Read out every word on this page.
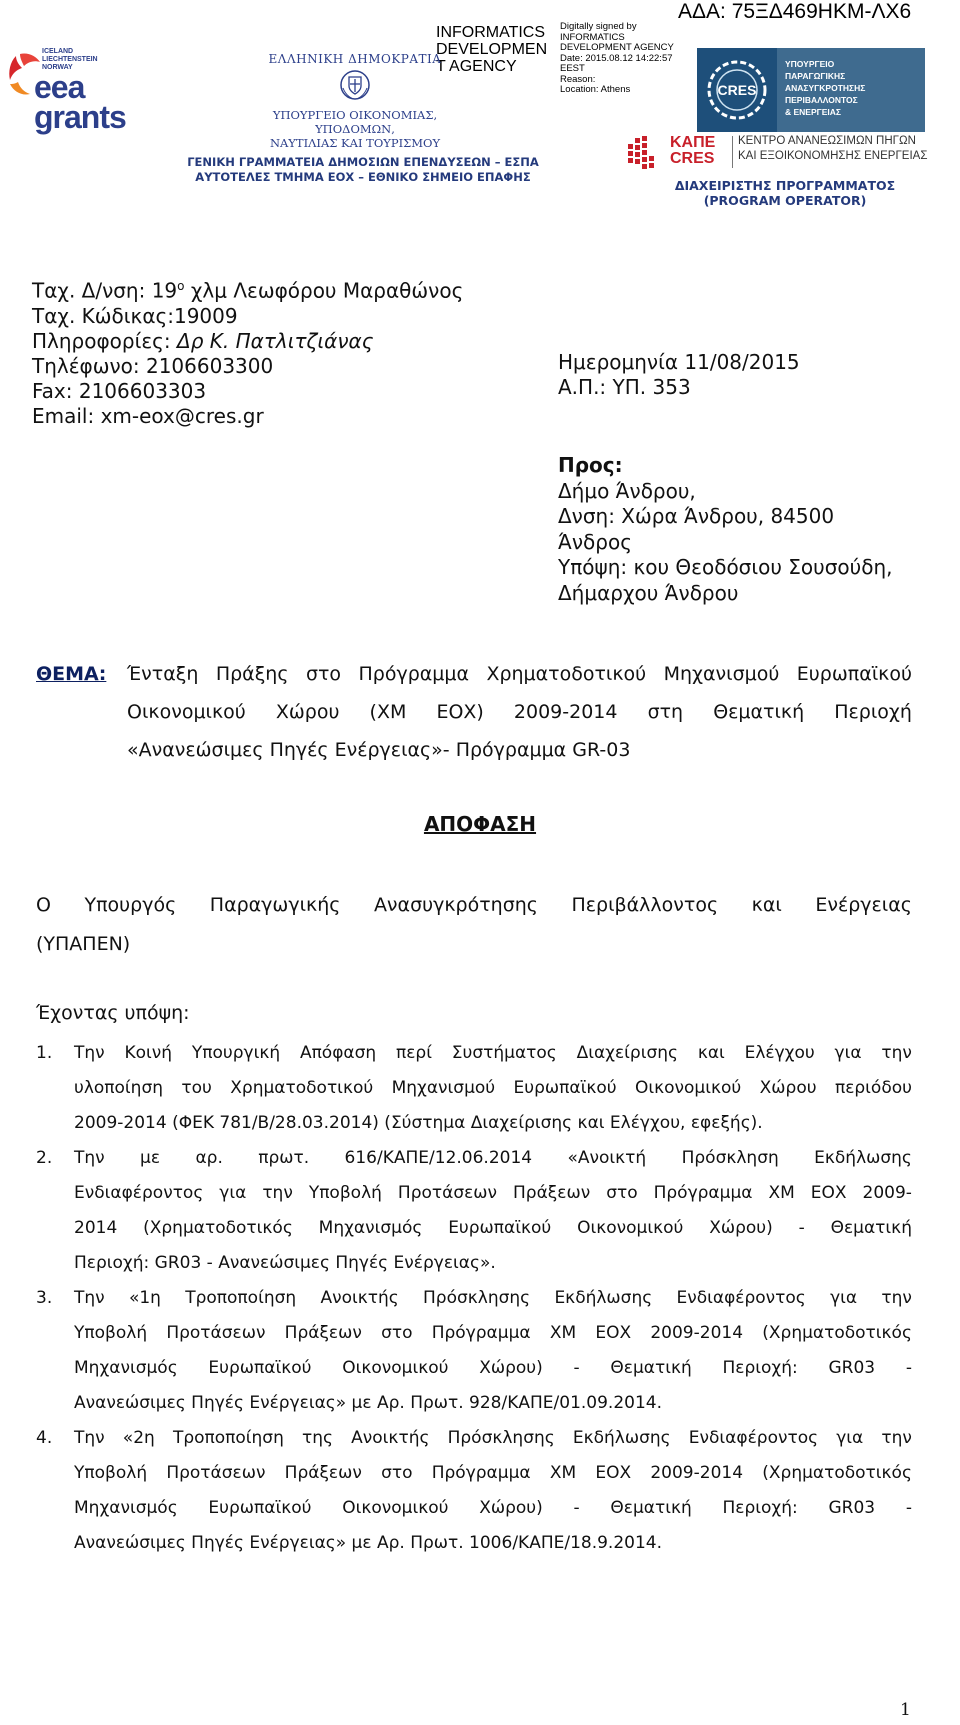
ΑΔΑ: 75ΞΔ469ΗΚΜ-ΛΧ6
INFORMATICS
DEVELOPMEN
T AGENCY
Digitally signed by
INFORMATICS
DEVELOPMENT AGENCY
Date: 2015.08.12 14:22:57
EEST
Reason:
Location: Athens
ICELAND
LIECHTENSTEIN
NORWAY
eea
grants
ΕΛΛΗΝΙΚΗ ΔΗΜΟΚΡΑΤΙΑ
ΥΠΟΥΡΓΕΙΟ ΟΙΚΟΝΟΜΙΑΣ, ΥΠΟΔΟΜΩΝ,
ΝΑΥΤΙΛΙΑΣ ΚΑΙ ΤΟΥΡΙΣΜΟΥ
ΓΕΝΙΚΗ ΓΡΑΜΜΑΤΕΙΑ ΔΗΜΟΣΙΩΝ ΕΠΕΝΔΥΣΕΩΝ – ΕΣΠΑ
ΑΥΤΟΤΕΛΕΣ ΤΜΗΜΑ ΕΟΧ – ΕΘΝΙΚΟ ΣΗΜΕΙΟ ΕΠΑΦΗΣ
CRES
ΥΠΟΥΡΓΕΙΟ
ΠΑΡΑΓΩΓΙΚΗΣ
ΑΝΑΣΥΓΚΡΟΤΗΣΗΣ
ΠΕΡΙΒΑΛΛΟΝΤΟΣ
& ΕΝΕΡΓΕΙΑΣ
ΚΑΠΕ
CRES
ΚΕΝΤΡΟ ΑΝΑΝΕΩΣΙΜΩΝ ΠΗΓΩΝ
ΚΑΙ ΕΞΟΙΚΟΝΟΜΗΣΗΣ ΕΝΕΡΓΕΙΑΣ
ΔΙΑΧΕΙΡΙΣΤΗΣ ΠΡΟΓΡΑΜΜΑΤΟΣ
(PROGRAM OPERATOR)
Ταχ. Δ/νση: $19^o$ χλμ Λεωφόρου Μαραθώνος
Ταχ. Κώδικας:19009
Πληροφορίες: Δρ Κ. Πατλιτζιάνας
Τηλέφωνο: 2106603300
Fax: 2106603303
Email: xm-eox@cres.gr
Ημερομηνία 11/08/2015
Α.Π.: ΥΠ. 353
Προς:
Δήμο Άνδρου,
Δνση: Χώρα Άνδρου, 84500
Άνδρος
Υπόψη: κου Θεοδόσιου Σουσούδη,
Δήμαρχου Άνδρου
ΘΕΜΑ: Ένταξη Πράξης στο Πρόγραμμα Χρηματοδοτικού Μηχανισμού Ευρωπαϊκού
Οικονομικού Χώρου (ΧΜ ΕΟΧ) 2009-2014 στη Θεματική Περιοχή
«Ανανεώσιμες Πηγές Ενέργειας»- Πρόγραμμα GR-03
ΑΠΟΦΑΣΗ
Ο Υπουργός Παραγωγικής Ανασυγκρότησης Περιβάλλοντος και Ενέργειας
(ΥΠΑΠΕΝ)
Έχοντας υπόψη:
1. Την Κοινή Υπουργική Απόφαση περί Συστήματος Διαχείρισης και Ελέγχου για την
υλοποίηση του Χρηματοδοτικού Μηχανισμού Ευρωπαϊκού Οικονομικού Χώρου περιόδου
2009-2014 (ΦΕΚ 781/Β/28.03.2014) (Σύστημα Διαχείρισης και Ελέγχου, εφεξής).
2. Την με αρ. πρωτ. 616/ΚΑΠΕ/12.06.2014 «Ανοικτή Πρόσκληση Εκδήλωσης
Ενδιαφέροντος για την Υποβολή Προτάσεων Πράξεων στο Πρόγραμμα ΧΜ ΕΟΧ 2009-
2014 (Χρηματοδοτικός Μηχανισμός Ευρωπαϊκού Οικονομικού Χώρου) - Θεματική
Περιοχή: GR03 - Ανανεώσιμες Πηγές Ενέργειας».
3. Την «1η Τροποποίηση Ανοικτής Πρόσκλησης Εκδήλωσης Ενδιαφέροντος για την
Υποβολή Προτάσεων Πράξεων στο Πρόγραμμα ΧΜ ΕΟΧ 2009-2014 (Χρηματοδοτικός
Μηχανισμός Ευρωπαϊκού Οικονομικού Χώρου) - Θεματική Περιοχή: GR03 -
Ανανεώσιμες Πηγές Ενέργειας» με Αρ. Πρωτ. 928/ΚΑΠΕ/01.09.2014.
4. Την «2η Τροποποίηση της Ανοικτής Πρόσκλησης Εκδήλωσης Ενδιαφέροντος για την
Υποβολή Προτάσεων Πράξεων στο Πρόγραμμα ΧΜ ΕΟΧ 2009-2014 (Χρηματοδοτικός
Μηχανισμός Ευρωπαϊκού Οικονομικού Χώρου) - Θεματική Περιοχή: GR03 -
Ανανεώσιμες Πηγές Ενέργειας» με Αρ. Πρωτ. 1006/ΚΑΠΕ/18.9.2014.
1
